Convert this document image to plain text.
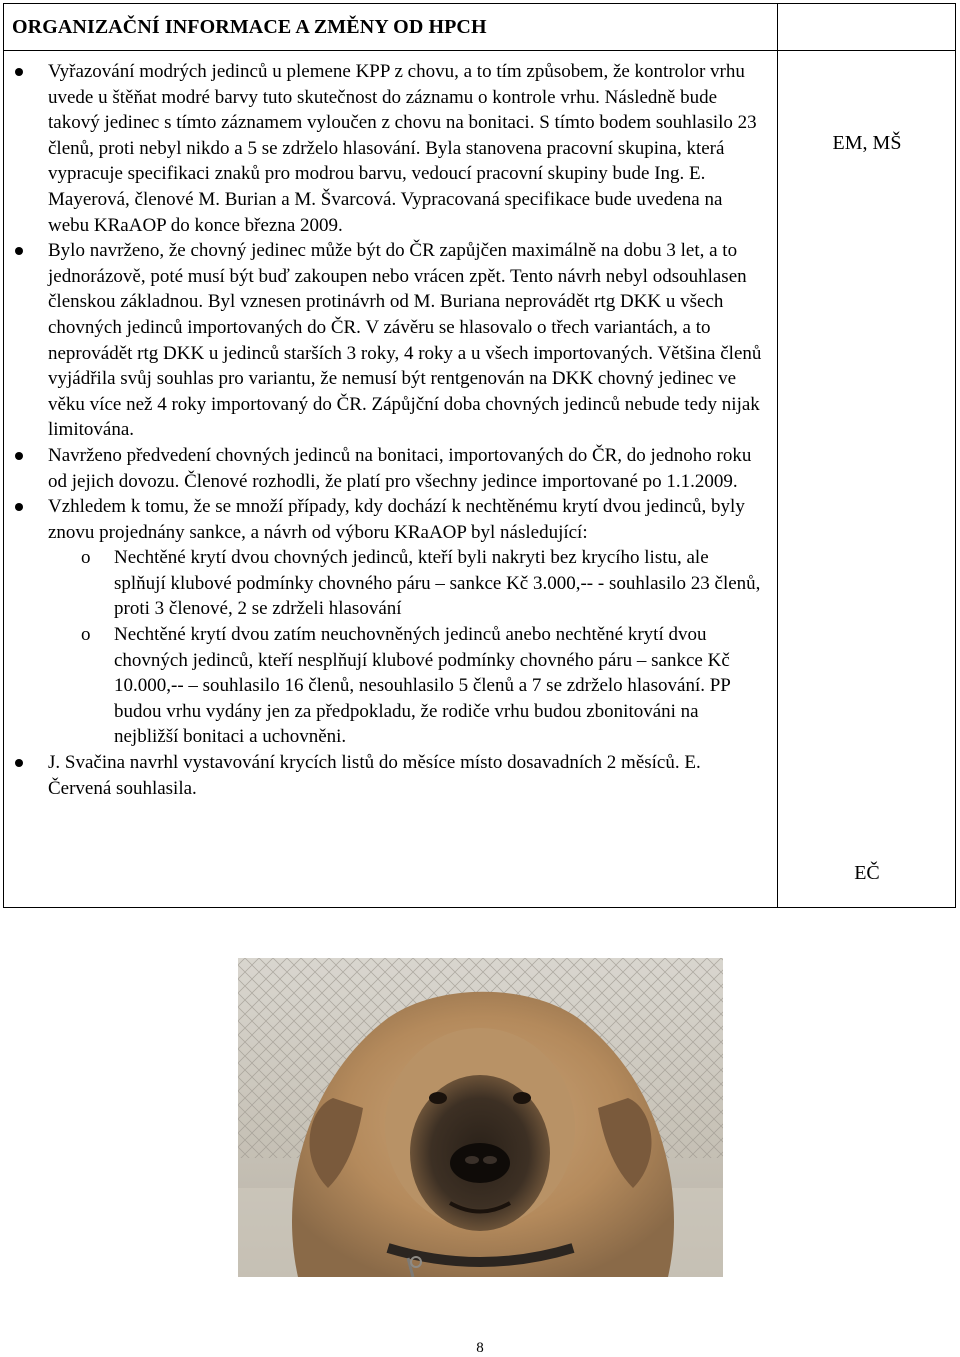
ORGANIZAČNÍ INFORMACE A ZMĚNY OD HPCH
Vyřazování modrých jedinců u plemene KPP z chovu, a to tím způsobem, že kontrolor vrhu uvede u štěňat modré barvy tuto skutečnost do záznamu o kontrole vrhu. Následně bude takový jedinec s tímto záznamem vyloučen z chovu na bonitaci. S tímto bodem souhlasilo 23 členů, proti nebyl nikdo a 5 se zdrželo hlasování. Byla stanovena pracovní skupina, která vypracuje specifikaci znaků pro modrou barvu, vedoucí pracovní skupiny bude Ing. E. Mayerová, členové M. Burian a M. Švarcová. Vypracovaná specifikace bude uvedena na webu KRaAOP do konce března 2009.
Bylo navrženo, že chovný jedinec může být do ČR zapůjčen maximálně na dobu 3 let, a to jednorázově, poté musí být buď zakoupen nebo vrácen zpět. Tento návrh nebyl odsouhlasen členskou základnou. Byl vznesen protinávrh od M. Buriana neprovádět rtg DKK u všech chovných jedinců importovaných do ČR. V závěru se hlasovalo o třech variantách, a to neprovádět rtg DKK u jedinců starších 3 roky, 4 roky a u všech importovaných. Většina členů vyjádřila svůj souhlas pro variantu, že nemusí být rentgenován na DKK chovný jedinec ve věku více než 4 roky importovaný do ČR. Zápůjční doba chovných jedinců nebude tedy nijak limitována.
Navrženo předvedení chovných jedinců na bonitaci, importovaných do ČR, do jednoho roku od jejich dovozu. Členové rozhodli, že platí pro všechny jedince importované po 1.1.2009.
Vzhledem k tomu, že se množí případy, kdy dochází k nechtěnému krytí dvou jedinců, byly znovu projednány sankce, a návrh od výboru KRaAOP byl následující:
o Nechtěné krytí dvou chovných jedinců, kteří byli nakryti bez krycího listu, ale splňují klubové podmínky chovného páru – sankce Kč 3.000,-- - souhlasilo 23 členů, proti 3 členové, 2 se zdrželi hlasování
o Nechtěné krytí dvou zatím neuchovněných jedinců anebo nechtěné krytí dvou chovných jedinců, kteří nesplňují klubové podmínky chovného páru – sankce Kč 10.000,-- – souhlasilo 16 členů, nesouhlasilo 5 členů a 7 se zdrželo hlasování. PP budou vrhu vydány jen za předpokladu, že rodiče vrhu budou zbonitováni na nejbližší bonitaci a uchovněni.
J. Svačina navrhl vystavování krycích listů do měsíce místo dosavadních 2 měsíců. E. Červená souhlasila.
EM, MŠ
EČ
8
